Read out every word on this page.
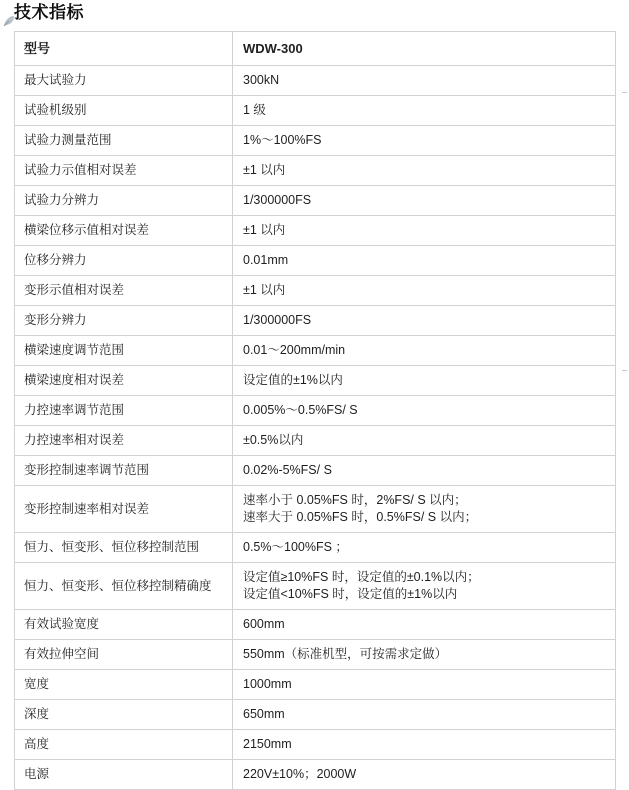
技术指标
型号	WDW-300
最大试验力	300kN
试验机级别	1 级
试验力测量范围	1%～100%FS
试验力示值相对误差	±1 以内
试验力分辨力	1/300000FS
横梁位移示值相对误差	±1 以内
位移分辨力	0.01mm
变形示值相对误差	±1 以内
变形分辨力	1/300000FS
横梁速度调节范围	0.01～200mm/min
横梁速度相对误差	设定值的±1%以内
力控速率调节范围	0.005%～0.5%FS/ S
力控速率相对误差	±0.5%以内
变形控制速率调节范围	0.02%-5%FS/ S
变形控制速率相对误差	速率小于 0.05%FS 时，2%FS/ S 以内；
速率大于 0.05%FS 时，0.5%FS/ S 以内；

恒力、恒变形、恒位移控制范围	0.5%～100%FS ；
恒力、恒变形、恒位移控制精确度	设定值≥10%FS 时，设定值的±0.1%以内；
设定值<10%FS 时，设定值的±1%以内

有效试验宽度	600mm
有效拉伸空间	550mm（标准机型，可按需求定做）
宽度	1000mm
深度	650mm
高度	2150mm
电源	220V±10%；2000W
